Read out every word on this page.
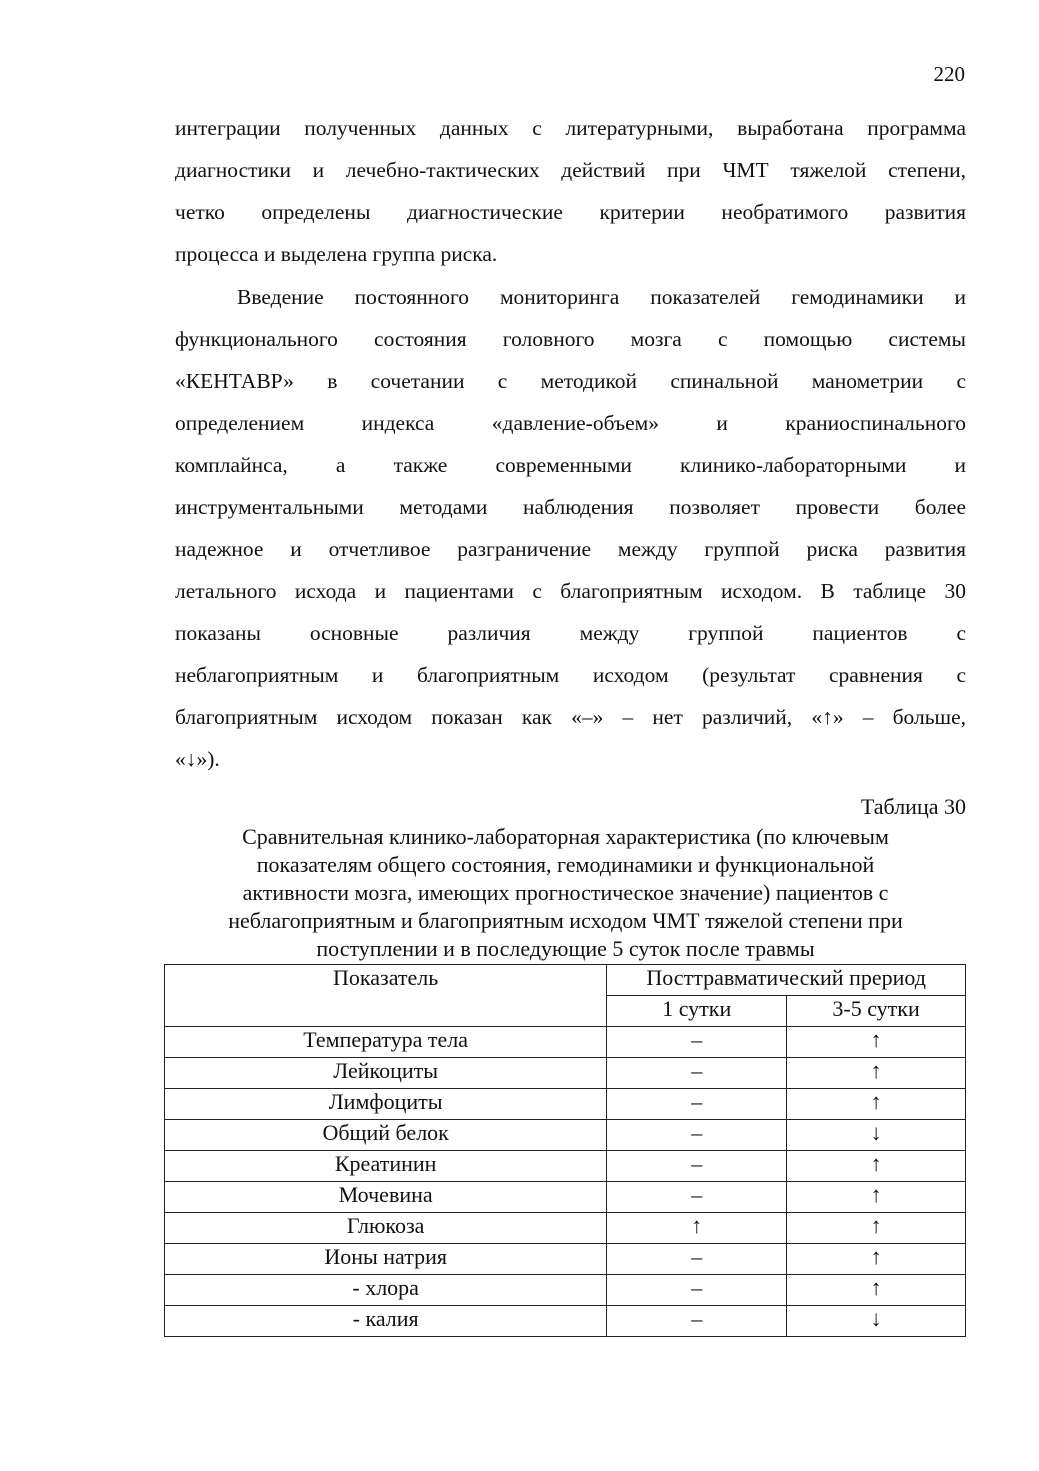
220
интеграции полученных данных с литературными, выработана программа
диагностики и лечебно-тактических действий при ЧМТ тяжелой степени,
четко определены диагностические критерии необратимого развития
процесса и выделена группа риска.
Введение постоянного мониторинга показателей гемодинамики и
функционального состояния головного мозга с помощью системы
«КЕНТАВР» в сочетании с методикой спинальной манометрии с
определением индекса «давление-объем» и краниоспинального
комплайнса, а также современными клинико-лабораторными и
инструментальными методами наблюдения позволяет провести более
надежное и отчетливое разграничение между группой риска развития
летального исхода и пациентами с благоприятным исходом. В таблице 30
показаны основные различия между группой пациентов с
неблагоприятным и благоприятным исходом (результат сравнения с
благоприятным исходом показан как «–» – нет различий, «↑» – больше,
«↓»).
Таблица 30
Сравнительная клинико-лабораторная характеристика (по ключевым
показателям общего состояния, гемодинамики и функциональной
активности мозга, имеющих прогностическое значение) пациентов с
неблагоприятным и благоприятным исходом ЧМТ тяжелой степени при
поступлении и в последующие 5 суток после травмы
Показатель	Посттравматический прериод	
	1 сутки	3-5 сутки
Температура тела	–	↑
Лейкоциты	–	↑
Лимфоциты	–	↑
Общий белок	–	↓
Креатинин	–	↑
Мочевина	–	↑
Глюкоза	↑	↑
Ионы натрия	–	↑
- хлора	–	↑
- калия	–	↓
